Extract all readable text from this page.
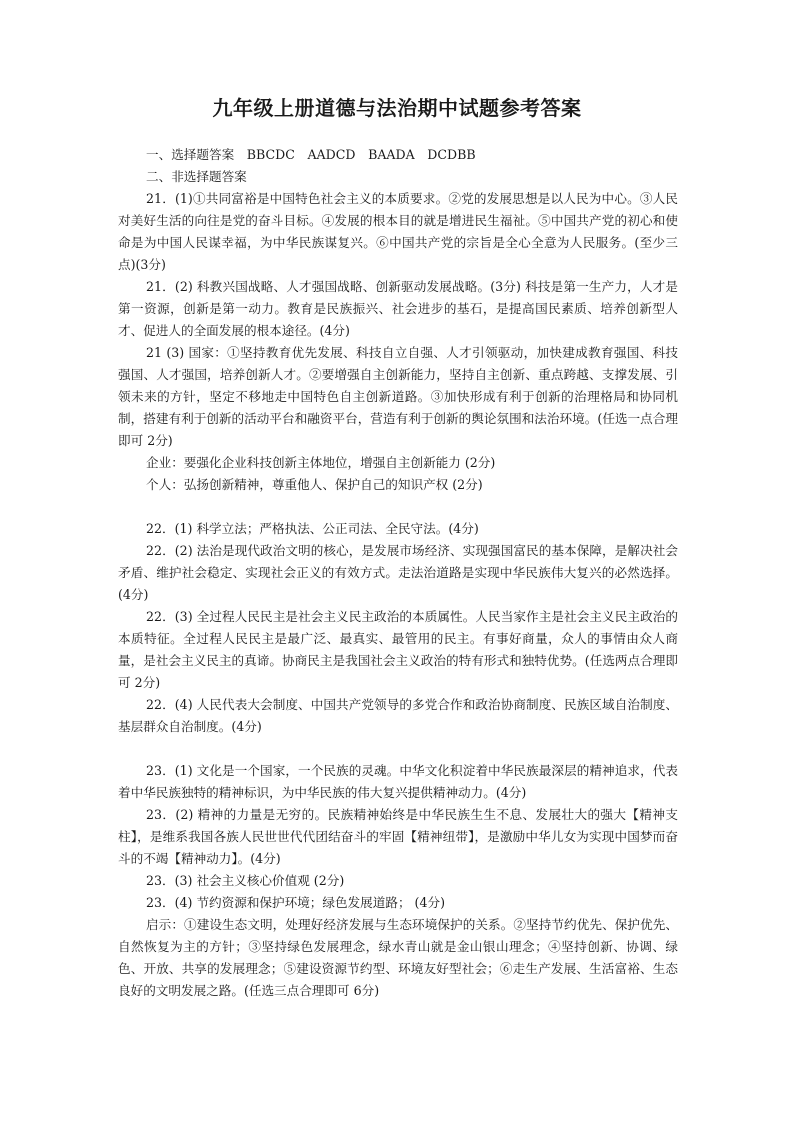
九年级上册道德与法治期中试题参考答案

一、选择题答案　BBCDC　AADCD　BAADA　DCDBB

二、非选择题答案

21．(1)①共同富裕是中国特色社会主义的本质要求。②党的发展思想是以人民为中心。③人民对美好生活的向往是党的奋斗目标。④发展的根本目的就是增进民生福祉。⑤中国共产党的初心和使命是为中国人民谋幸福，为中华民族谋复兴。⑥中国共产党的宗旨是全心全意为人民服务。(至少三点)(3分)

21．(2) 科教兴国战略、人才强国战略、创新驱动发展战略。(3分) 科技是第一生产力，人才是第一资源，创新是第一动力。教育是民族振兴、社会进步的基石，是提高国民素质、培养创新型人才、促进人的全面发展的根本途径。(4分)

21 (3) 国家：①坚持教育优先发展、科技自立自强、人才引领驱动，加快建成教育强国、科技强国、人才强国，培养创新人才。②要增强自主创新能力，坚持自主创新、重点跨越、支撑发展、引领未来的方针，坚定不移地走中国特色自主创新道路。③加快形成有利于创新的治理格局和协同机制，搭建有利于创新的活动平台和融资平台，营造有利于创新的舆论氛围和法治环境。(任选一点合理即可 2分)

企业：要强化企业科技创新主体地位，增强自主创新能力 (2分)

个人：弘扬创新精神，尊重他人、保护自己的知识产权 (2分)

22．(1) 科学立法；严格执法、公正司法、全民守法。(4分)

22．(2) 法治是现代政治文明的核心，是发展市场经济、实现强国富民的基本保障，是解决社会矛盾、维护社会稳定、实现社会正义的有效方式。走法治道路是实现中华民族伟大复兴的必然选择。(4分)

22．(3) 全过程人民民主是社会主义民主政治的本质属性。人民当家作主是社会主义民主政治的本质特征。全过程人民民主是最广泛、最真实、最管用的民主。有事好商量，众人的事情由众人商量，是社会主义民主的真谛。协商民主是我国社会主义政治的特有形式和独特优势。(任选两点合理即可 2分)

22．(4) 人民代表大会制度、中国共产党领导的多党合作和政治协商制度、民族区域自治制度、基层群众自治制度。(4分)

23．(1) 文化是一个国家，一个民族的灵魂。中华文化积淀着中华民族最深层的精神追求，代表着中华民族独特的精神标识，为中华民族的伟大复兴提供精神动力。(4分)

23．(2) 精神的力量是无穷的。民族精神始终是中华民族生生不息、发展壮大的强大【精神支柱】，是维系我国各族人民世世代代团结奋斗的牢固【精神纽带】，是激励中华儿女为实现中国梦而奋斗的不竭【精神动力】。(4分)

23．(3) 社会主义核心价值观 (2分)

23．(4) 节约资源和保护环境；绿色发展道路； (4分)

启示：①建设生态文明，处理好经济发展与生态环境保护的关系。②坚持节约优先、保护优先、自然恢复为主的方针；③坚持绿色发展理念，绿水青山就是金山银山理念；④坚持创新、协调、绿色、开放、共享的发展理念；⑤建设资源节约型、环境友好型社会；⑥走生产发展、生活富裕、生态良好的文明发展之路。(任选三点合理即可 6分)
